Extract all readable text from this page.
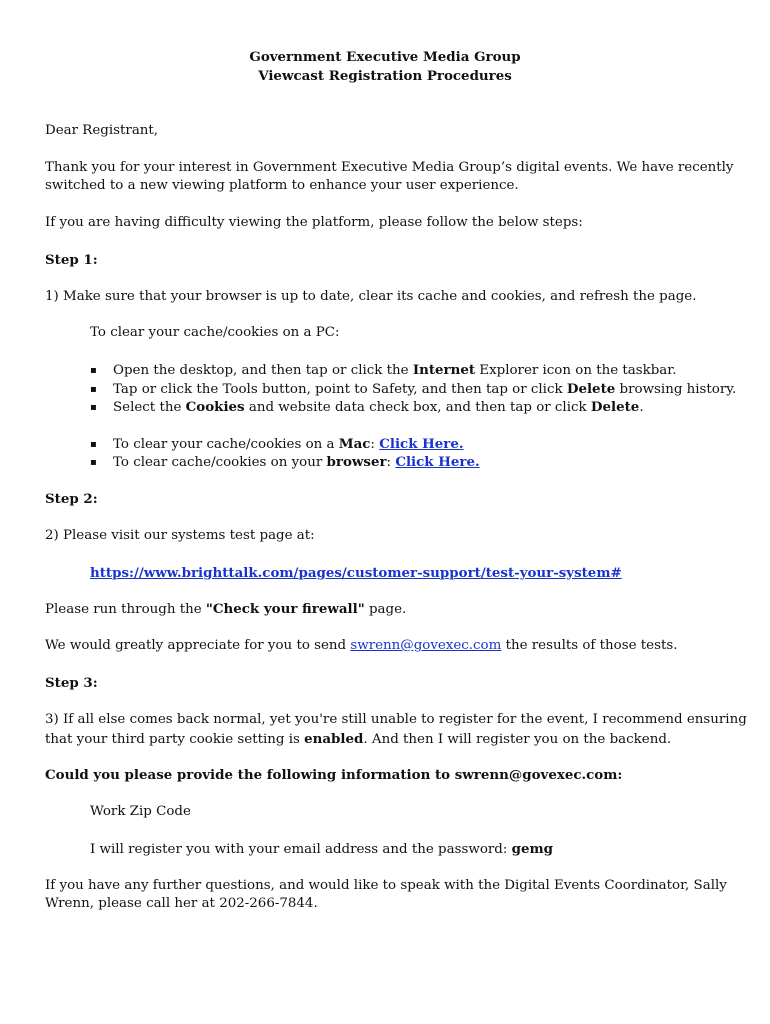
Government Executive Media Group
Viewcast Registration Procedures
Dear Registrant,
Thank you for your interest in Government Executive Media Group’s digital events. We have recently
switched to a new viewing platform to enhance your user experience.
If you are having difficulty viewing the platform, please follow the below steps:
Step 1:
1) Make sure that your browser is up to date, clear its cache and cookies, and refresh the page.
To clear your cache/cookies on a PC:
▪ Open the desktop, and then tap or click the Internet Explorer icon on the taskbar.
▪ Tap or click the Tools button, point to Safety, and then tap or click Delete browsing history.
▪ Select the Cookies and website data check box, and then tap or click Delete.
▪ To clear your cache/cookies on a Mac: Click Here.
▪ To clear cache/cookies on your browser: Click Here.
Step 2:
2) Please visit our systems test page at:
https://www.brighttalk.com/pages/customer-support/test-your-system#
Please run through the "Check your firewall" page.
We would greatly appreciate for you to send swrenn@govexec.com the results of those tests.
Step 3:
3) If all else comes back normal, yet you're still unable to register for the event, I recommend ensuring
that your third party cookie setting is enabled. And then I will register you on the backend.
Could you please provide the following information to swrenn@govexec.com:
Work Zip Code
I will register you with your email address and the password: gemg
If you have any further questions, and would like to speak with the Digital Events Coordinator, Sally
Wrenn, please call her at 202-266-7844.
